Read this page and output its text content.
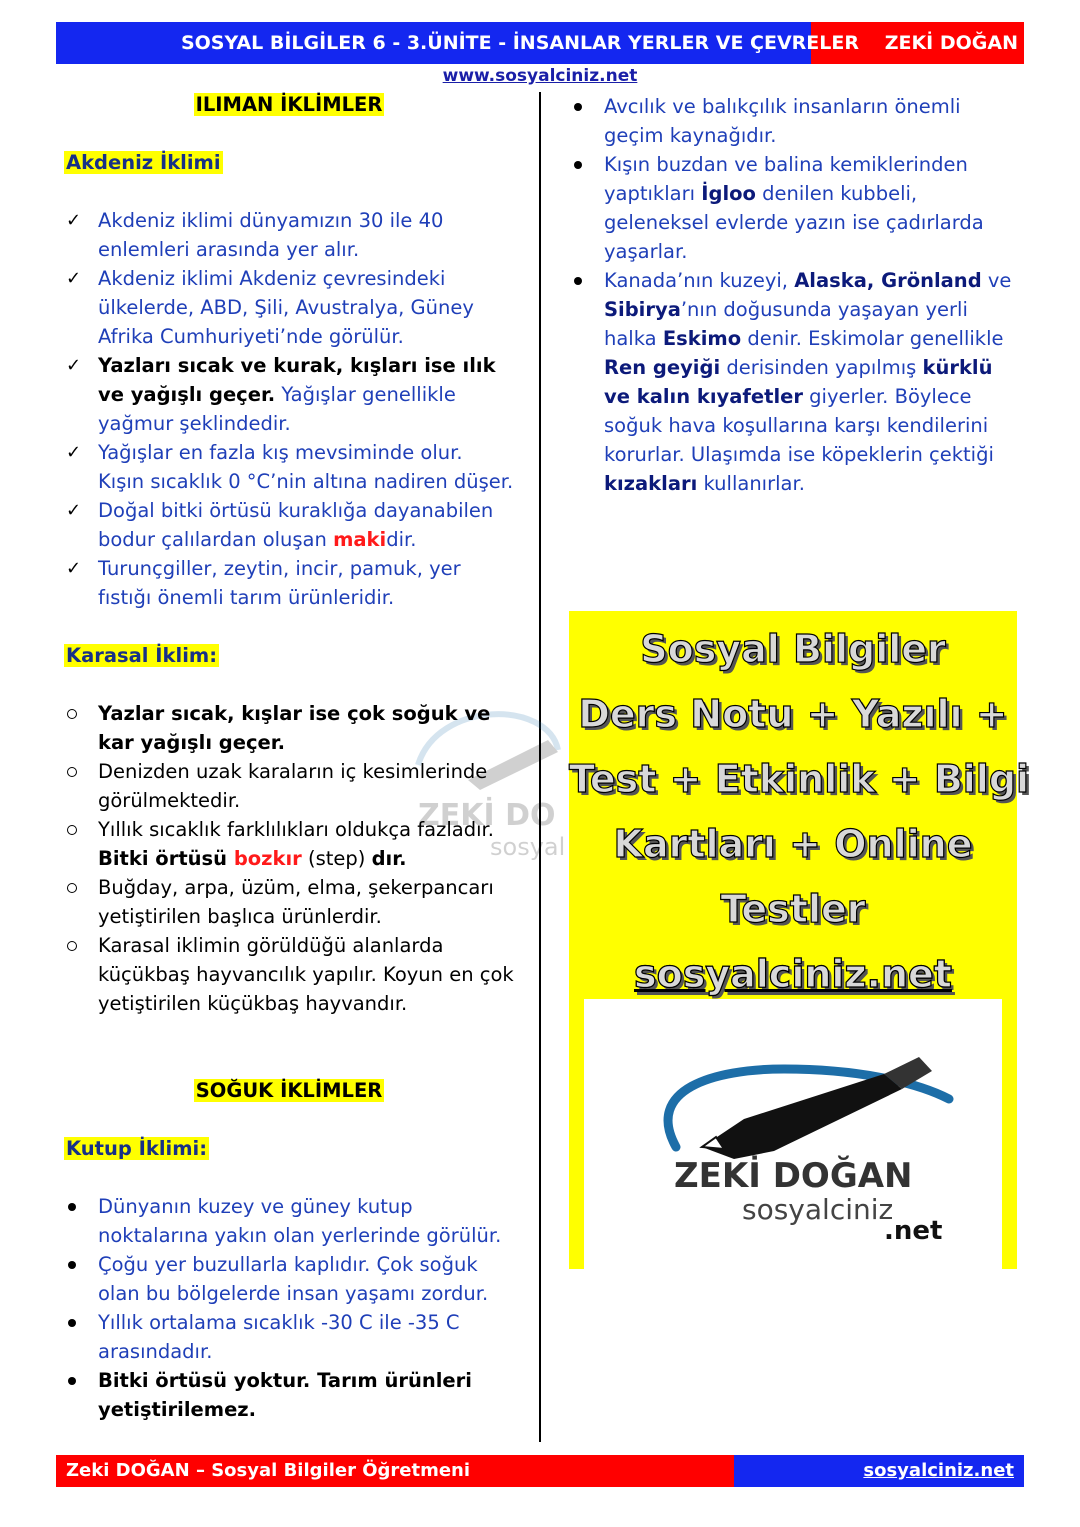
SOSYAL BİLGİLER 6 - 3.ÜNİTE - İNSANLAR YERLER VE ÇEVRELER ZEKİ DOĞAN
www.sosyalciniz.net
ZEKİ DO
sosyal
ILIMAN İKLİMLER
Akdeniz İklimi
✓ Akdeniz iklimi dünyamızın 30 ile 40 enlemleri arasında yer alır.
✓ Akdeniz iklimi Akdeniz çevresindeki ülkelerde, ABD, Şili, Avustralya, Güney Afrika Cumhuriyeti’nde görülür.
✓ Yazları sıcak ve kurak, kışları ise ılık ve yağışlı geçer. Yağışlar genellikle yağmur şeklindedir.
✓ Yağışlar en fazla kış mevsiminde olur. Kışın sıcaklık 0 °C’nin altına nadiren düşer.
✓ Doğal bitki örtüsü kuraklığa dayanabilen bodur çalılardan oluşan makidir.
✓ Turunçgiller, zeytin, incir, pamuk, yer fıstığı önemli tarım ürünleridir.
Karasal İklim:
Yazlar sıcak, kışlar ise çok soğuk ve kar yağışlı geçer.
Denizden uzak karaların iç kesimlerinde görülmektedir.
Yıllık sıcaklık farklılıkları oldukça fazladır. Bitki örtüsü bozkır (step) dır.
Buğday, arpa, üzüm, elma, şekerpancarı yetiştirilen başlıca ürünlerdir.
Karasal iklimin görüldüğü alanlarda küçükbaş hayvancılık yapılır. Koyun en çok yetiştirilen küçükbaş hayvandır.
SOĞUK İKLİMLER
Kutup İklimi:
Dünyanın kuzey ve güney kutup noktalarına yakın olan yerlerinde görülür.
Çoğu yer buzullarla kaplıdır. Çok soğuk olan bu bölgelerde insan yaşamı zordur.
Yıllık ortalama sıcaklık -30 C ile -35 C arasındadır.
Bitki örtüsü yoktur. Tarım ürünleri yetiştirilemez.
Avcılık ve balıkçılık insanların önemli geçim kaynağıdır.
Kışın buzdan ve balina kemiklerinden yaptıkları İgloo denilen kubbeli, geleneksel evlerde yazın ise çadırlarda yaşarlar.
Kanada’nın kuzeyi, Alaska, Grönland ve Sibirya’nın doğusunda yaşayan yerli halka Eskimo denir. Eskimolar genellikle Ren geyiği derisinden yapılmış kürklü ve kalın kıyafetler giyerler. Böylece soğuk hava koşullarına karşı kendilerini korurlar. Ulaşımda ise köpeklerin çektiği kızakları kullanırlar.
Sosyal Bilgiler
Ders Notu + Yazılı +
Test + Etkinlik + Bilgi
Kartları + Online
Testler
sosyalciniz.net
ZEKİ DOĞAN
sosyalciniz
.net
Zeki DOĞAN – Sosyal Bilgiler Öğretmeni	sosyalciniz.net
